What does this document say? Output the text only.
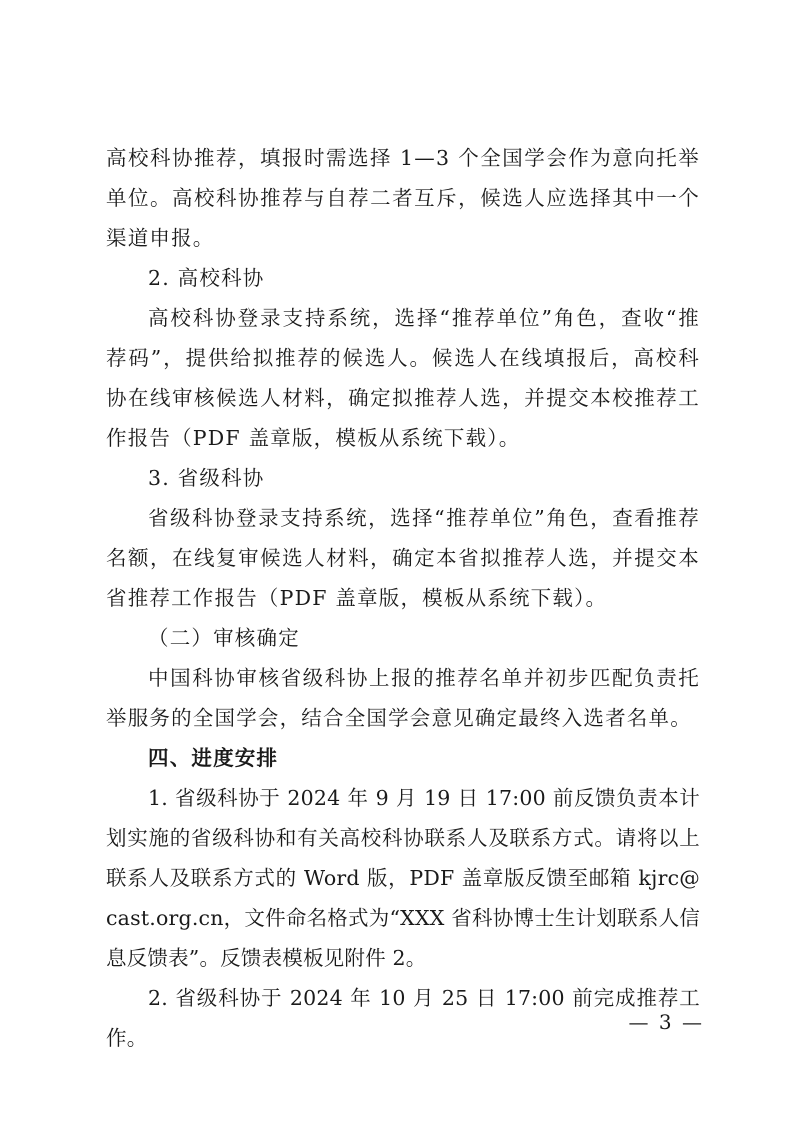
高校科协推荐，填报时需选择 1—3 个全国学会作为意向托举单位。高校科协推荐与自荐二者互斥，候选人应选择其中一个渠道申报。

2. 高校科协

高校科协登录支持系统，选择“推荐单位”角色，查收“推荐码”，提供给拟推荐的候选人。候选人在线填报后，高校科协在线审核候选人材料，确定拟推荐人选，并提交本校推荐工作报告（PDF 盖章版，模板从系统下载）。

3. 省级科协

省级科协登录支持系统，选择“推荐单位”角色，查看推荐名额，在线复审候选人材料，确定本省拟推荐人选，并提交本省推荐工作报告（PDF 盖章版，模板从系统下载）。

（二）审核确定

中国科协审核省级科协上报的推荐名单并初步匹配负责托举服务的全国学会，结合全国学会意见确定最终入选者名单。

四、进度安排

1. 省级科协于 2024 年 9 月 19 日 17:00 前反馈负责本计划实施的省级科协和有关高校科协联系人及联系方式。请将以上联系人及联系方式的 Word 版，PDF 盖章版反馈至邮箱 kjrc@cast.org.cn，文件命名格式为“XXX 省科协博士生计划联系人信息反馈表”。反馈表模板见附件 2。

2. 省级科协于 2024 年 10 月 25 日 17:00 前完成推荐工作。

— 3 —
